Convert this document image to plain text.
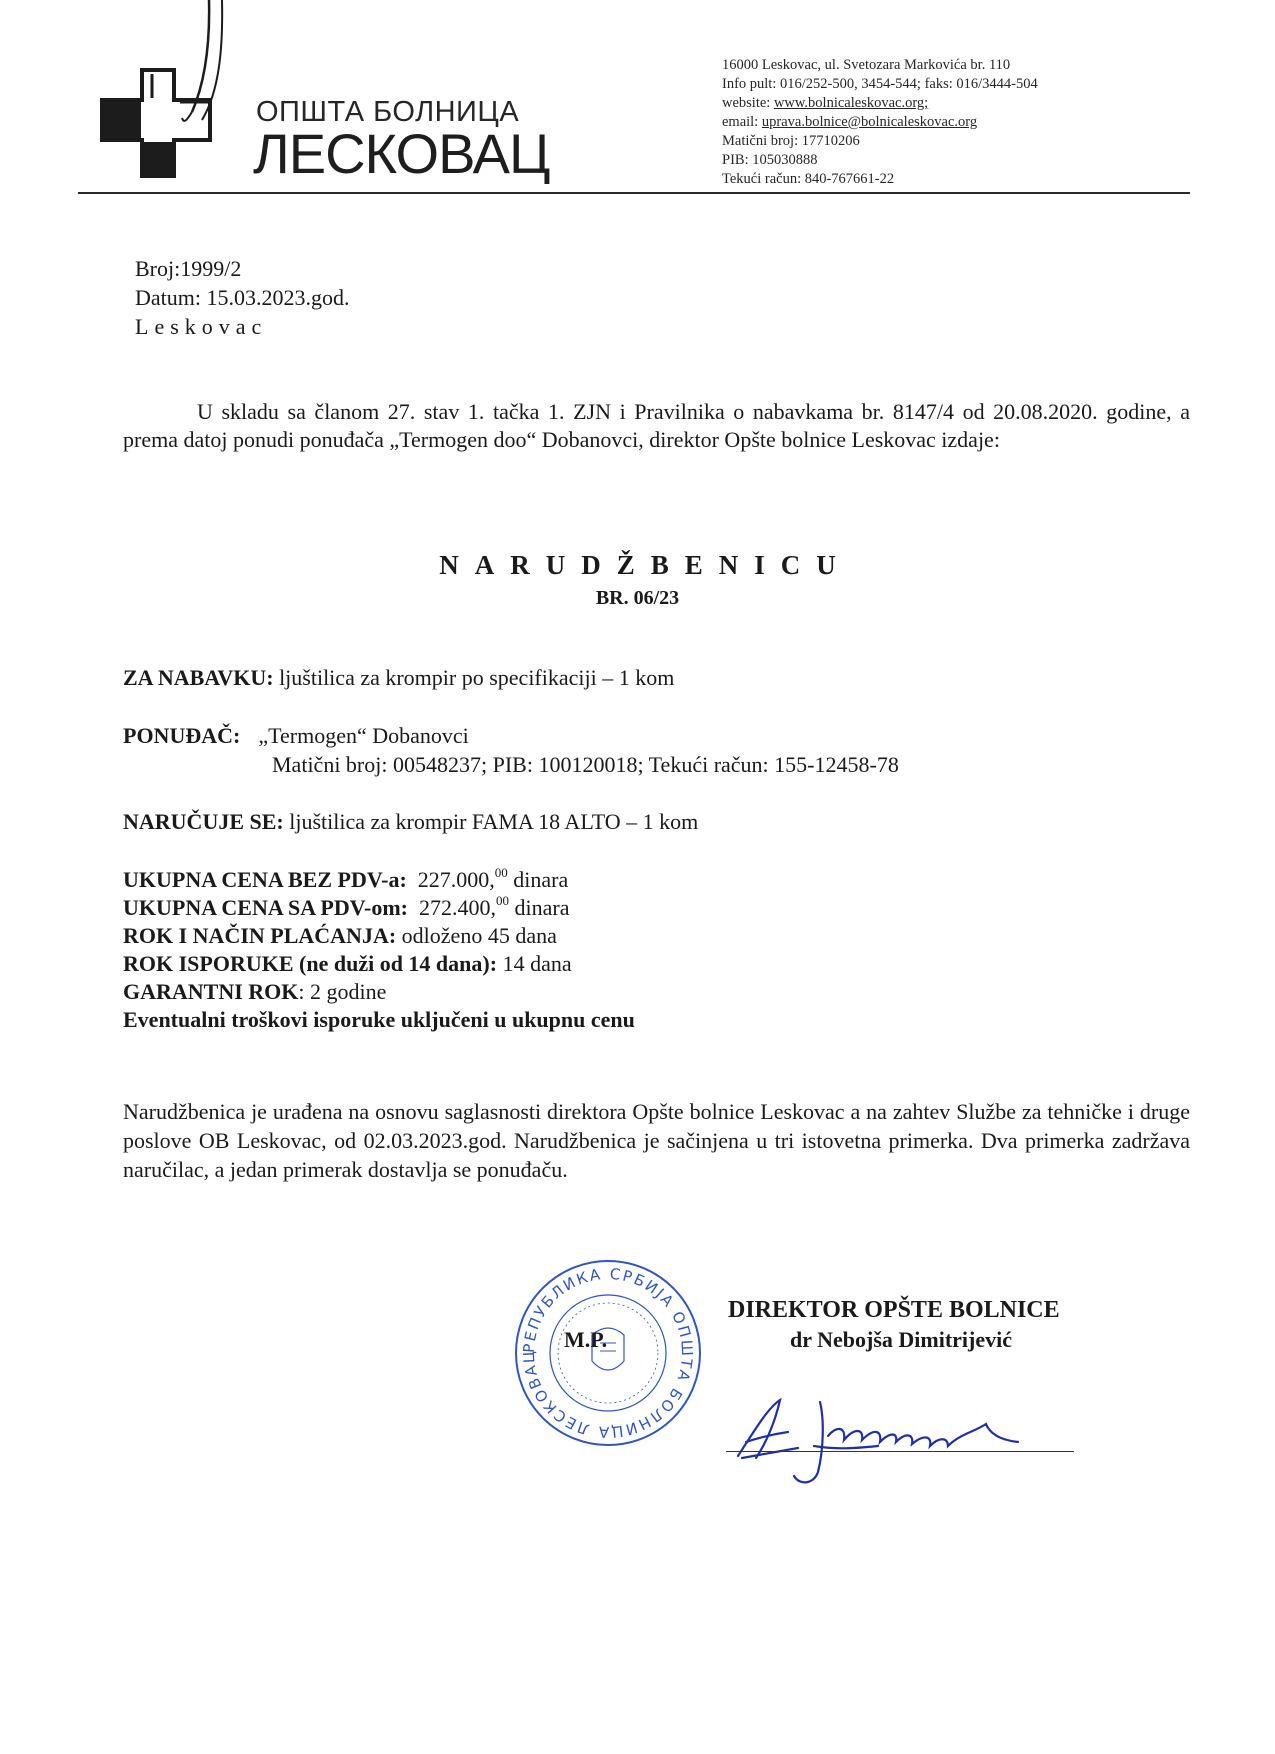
ОПШТА БОЛНИЦА
ЛЕСКОВАЦ
16000 Leskovac, ul. Svetozara Markovića br. 110
Info pult: 016/252-500, 3454-544; faks: 016/3444-504
website: www.bolnicaleskovac.org;
email: uprava.bolnice@bolnicaleskovac.org
Matični broj: 17710206
PIB: 105030888
Tekući račun: 840-767661-22
Broj:1999/2
Datum: 15.03.2023.god.
Leskovac
U skladu sa članom 27. stav 1. tačka 1. ZJN i Pravilnika o nabavkama br. 8147/4 od 20.08.2020. godine, a prema datoj ponudi ponuđača „Termogen doo“ Dobanovci, direktor Opšte bolnice Leskovac izdaje:
NARUDŽBENICU
BR. 06/23
ZA NABAVKU: ljuštilica za krompir po specifikaciji – 1 kom
PONUĐAČ: „Termogen“ Dobanovci
Matični broj: 00548237; PIB: 100120018; Tekući račun: 155-12458-78
NARUČUJE SE: ljuštilica za krompir FAMA 18 ALTO – 1 kom
UKUPNA CENA BEZ PDV-a: 227.000,00 dinara
UKUPNA CENA SA PDV-om: 272.400,00 dinara
ROK I NAČIN PLAĆANJA: odloženo 45 dana
ROK ISPORUKE (ne duži od 14 dana): 14 dana
GARANTNI ROK: 2 godine
Eventualni troškovi isporuke uključeni u ukupnu cenu
Narudžbenica je urađena na osnovu saglasnosti direktora Opšte bolnice Leskovac a na zahtev Službe za tehničke i druge poslove OB Leskovac, od 02.03.2023.god. Narudžbenica je sačinjena u tri istovetna primerka. Dva primerka zadržava naručilac, a jedan primerak dostavlja se ponuđaču.
РЕПУБЛИКА СРБИЈА ОПШТА БОЛНИЦА ЛЕСКОВАЦ
M.P.
DIREKTOR OPŠTE BOLNICE
dr Nebojša Dimitrijević
